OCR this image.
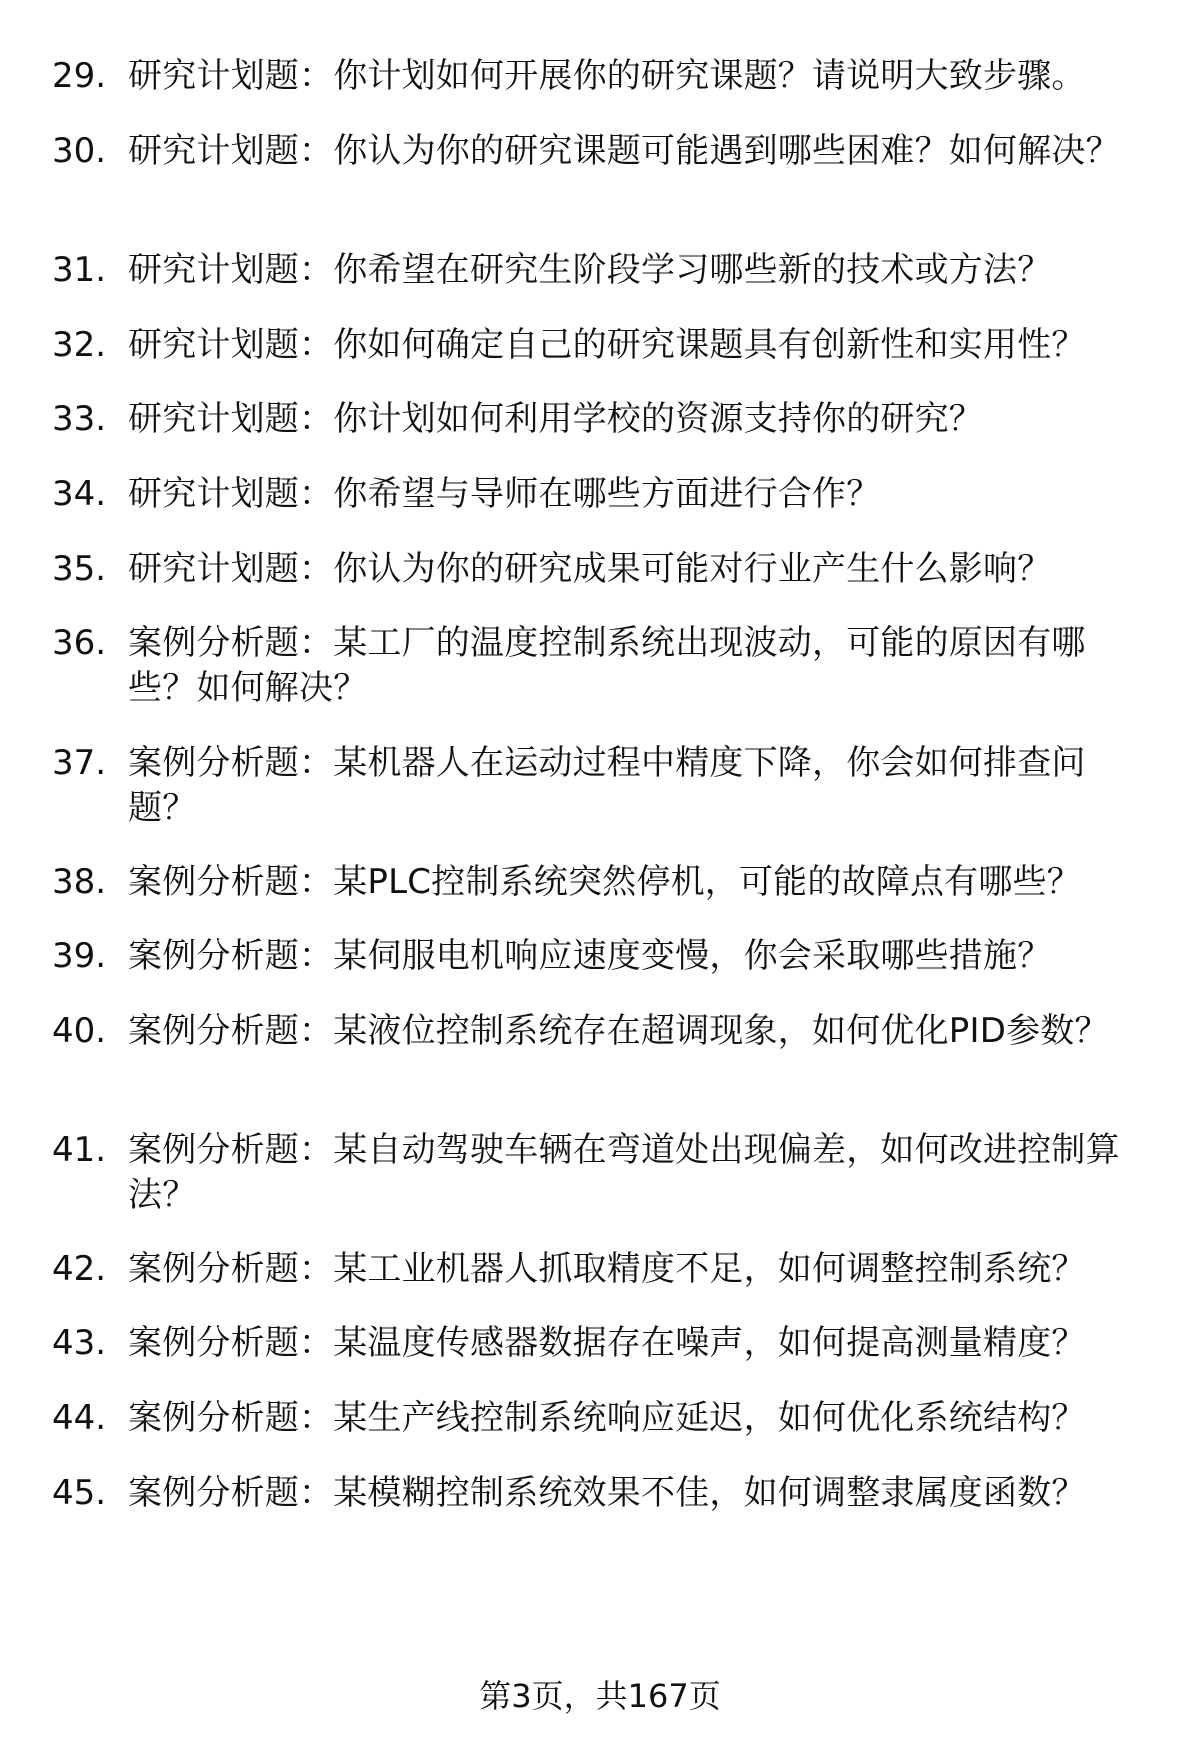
29. 研究计划题：你计划如何开展你的研究课题？请说明大致步骤。
30. 研究计划题：你认为你的研究课题可能遇到哪些困难？如何解决？
31. 研究计划题：你希望在研究生阶段学习哪些新的技术或方法？
32. 研究计划题：你如何确定自己的研究课题具有创新性和实用性？
33. 研究计划题：你计划如何利用学校的资源支持你的研究？
34. 研究计划题：你希望与导师在哪些方面进行合作？
35. 研究计划题：你认为你的研究成果可能对行业产生什么影响？
36. 案例分析题：某工厂的温度控制系统出现波动，可能的原因有哪些？如何解决？
37. 案例分析题：某机器人在运动过程中精度下降，你会如何排查问题？
38. 案例分析题：某PLC控制系统突然停机，可能的故障点有哪些？
39. 案例分析题：某伺服电机响应速度变慢，你会采取哪些措施？
40. 案例分析题：某液位控制系统存在超调现象，如何优化PID参数？
41. 案例分析题：某自动驾驶车辆在弯道处出现偏差，如何改进控制算法？
42. 案例分析题：某工业机器人抓取精度不足，如何调整控制系统？
43. 案例分析题：某温度传感器数据存在噪声，如何提高测量精度？
44. 案例分析题：某生产线控制系统响应延迟，如何优化系统结构？
45. 案例分析题：某模糊控制系统效果不佳，如何调整隶属度函数？
第3页，共167页
